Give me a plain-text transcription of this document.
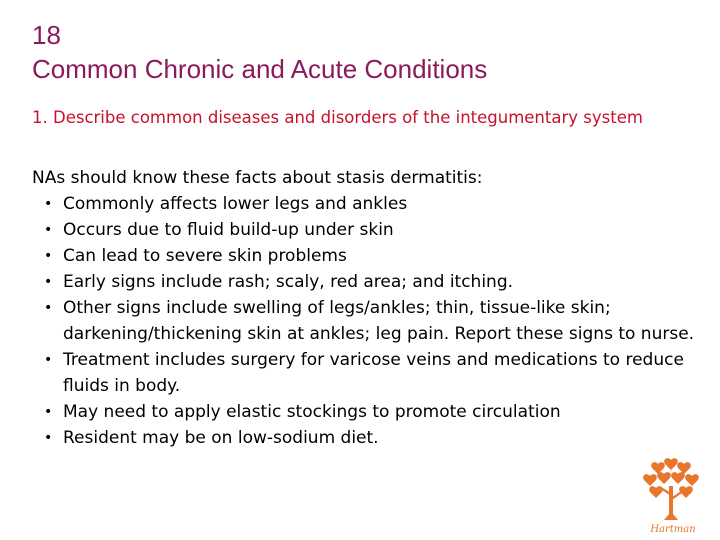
18
Common Chronic and Acute Conditions
1. Describe common diseases and disorders of the integumentary system
NAs should know these facts about stasis dermatitis:
• Commonly affects lower legs and ankles
• Occurs due to fluid build-up under skin
• Can lead to severe skin problems
• Early signs include rash; scaly, red area; and itching.
• Other signs include swelling of legs/ankles; thin, tissue-like skin; darkening/thickening skin at ankles; leg pain. Report these signs to nurse.
• Treatment includes surgery for varicose veins and medications to reduce fluids in body.
• May need to apply elastic stockings to promote circulation
• Resident may be on low-sodium diet.
Hartman
